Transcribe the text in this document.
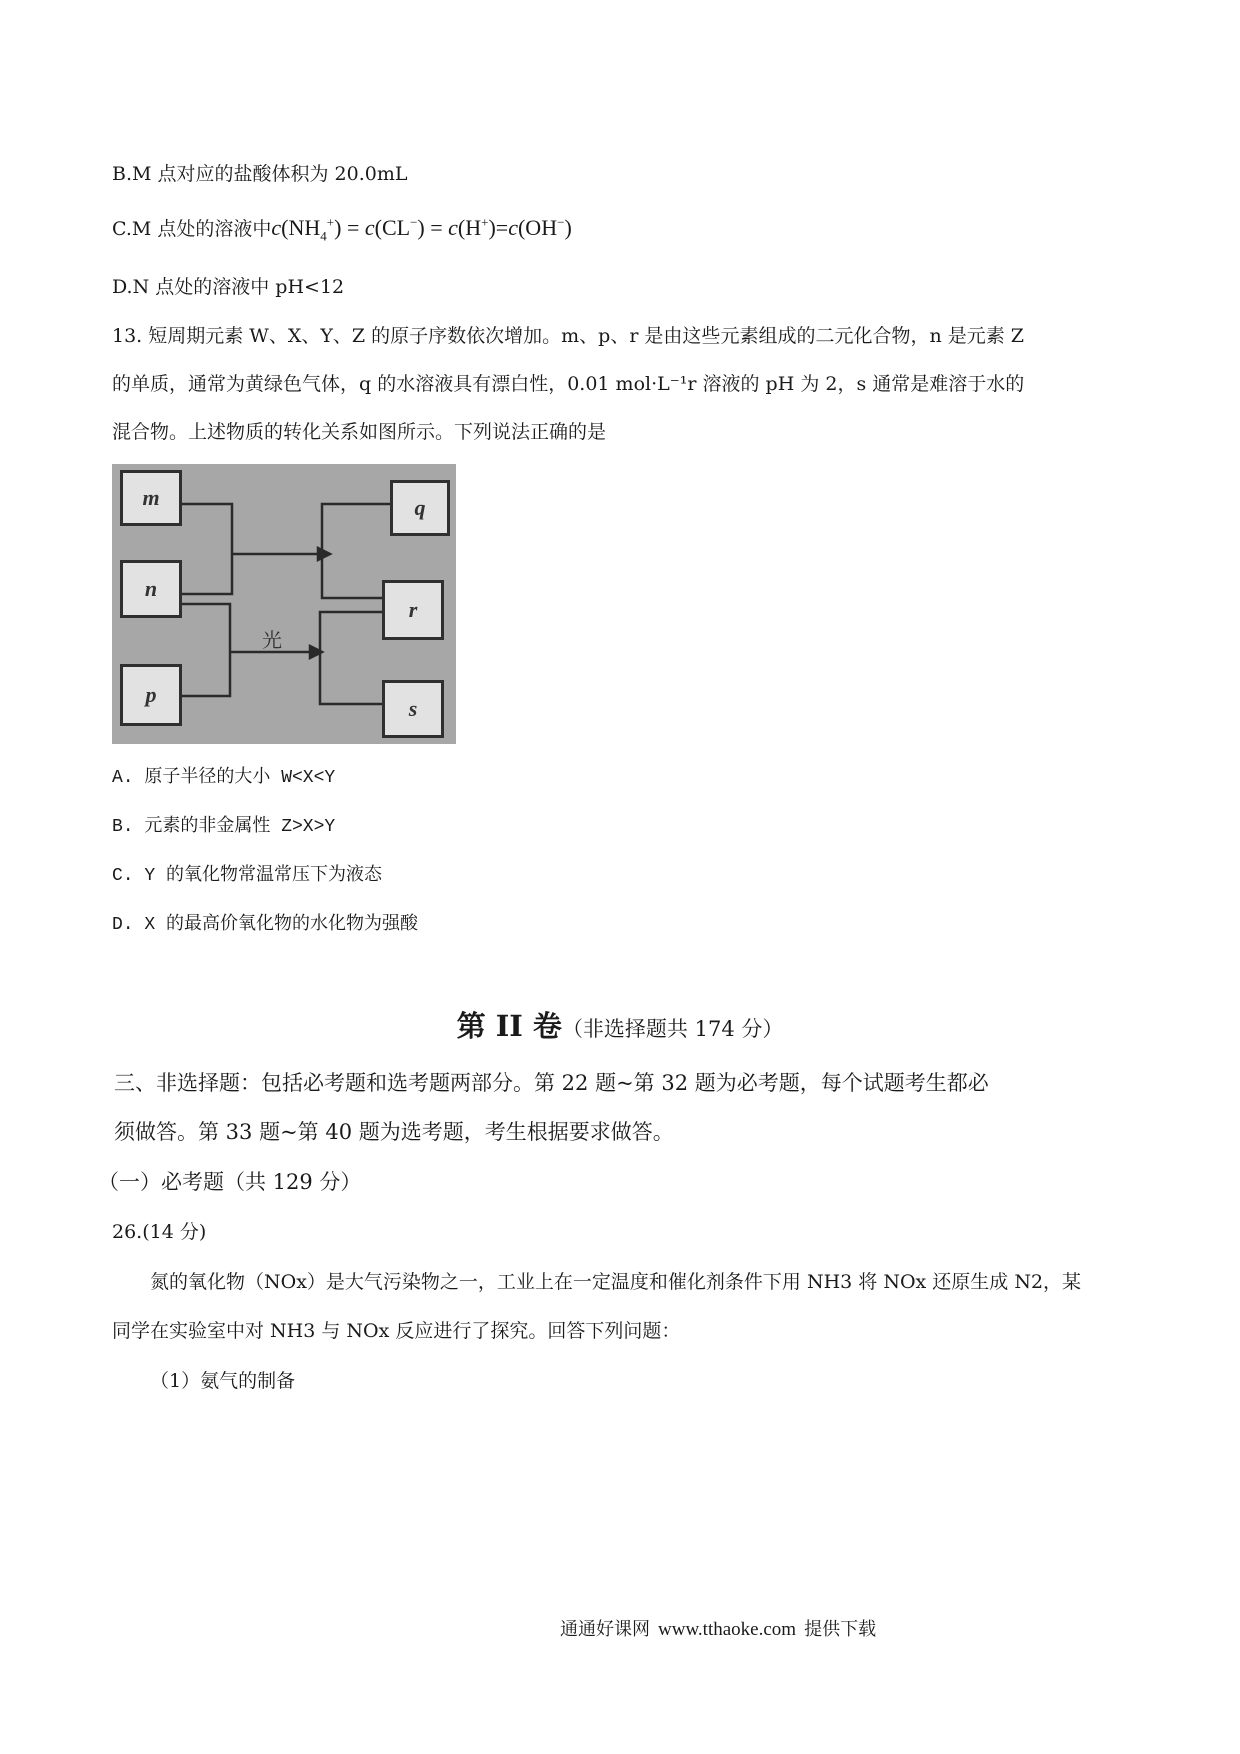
B.M 点对应的盐酸体积为 20.0mL
C.M 点处的溶液中$c(NH_4^+) = c(CL^-) = c(H^+)=c(OH^-)$
D.N 点处的溶液中 pH<12
13. 短周期元素 W、X、Y、Z 的原子序数依次增加。m、p、r 是由这些元素组成的二元化合物，n 是元素 Z
的单质，通常为黄绿色气体，q 的水溶液具有漂白性，0.01 mol·L⁻¹r 溶液的 pH 为 2，s 通常是难溶于水的
混合物。上述物质的转化关系如图所示。下列说法正确的是
光
m
n
p
q
r
s
A. 原子半径的大小 W<X<Y
B. 元素的非金属性 Z>X>Y
C. Y 的氧化物常温常压下为液态
D. X 的最高价氧化物的水化物为强酸
第 II 卷（非选择题共 174 分）
三、非选择题：包括必考题和选考题两部分。第 22 题~第 32 题为必考题，每个试题考生都必
须做答。第 33 题~第 40 题为选考题，考生根据要求做答。
（一）必考题（共 129 分）
26.(14 分)
氮的氧化物（NOx）是大气污染物之一，工业上在一定温度和催化剂条件下用 NH3 将 NOx 还原生成 N2，某
同学在实验室中对 NH3 与 NOx 反应进行了探究。回答下列问题：
（1）氨气的制备
通通好课网 www.tthaoke.com 提供下载
